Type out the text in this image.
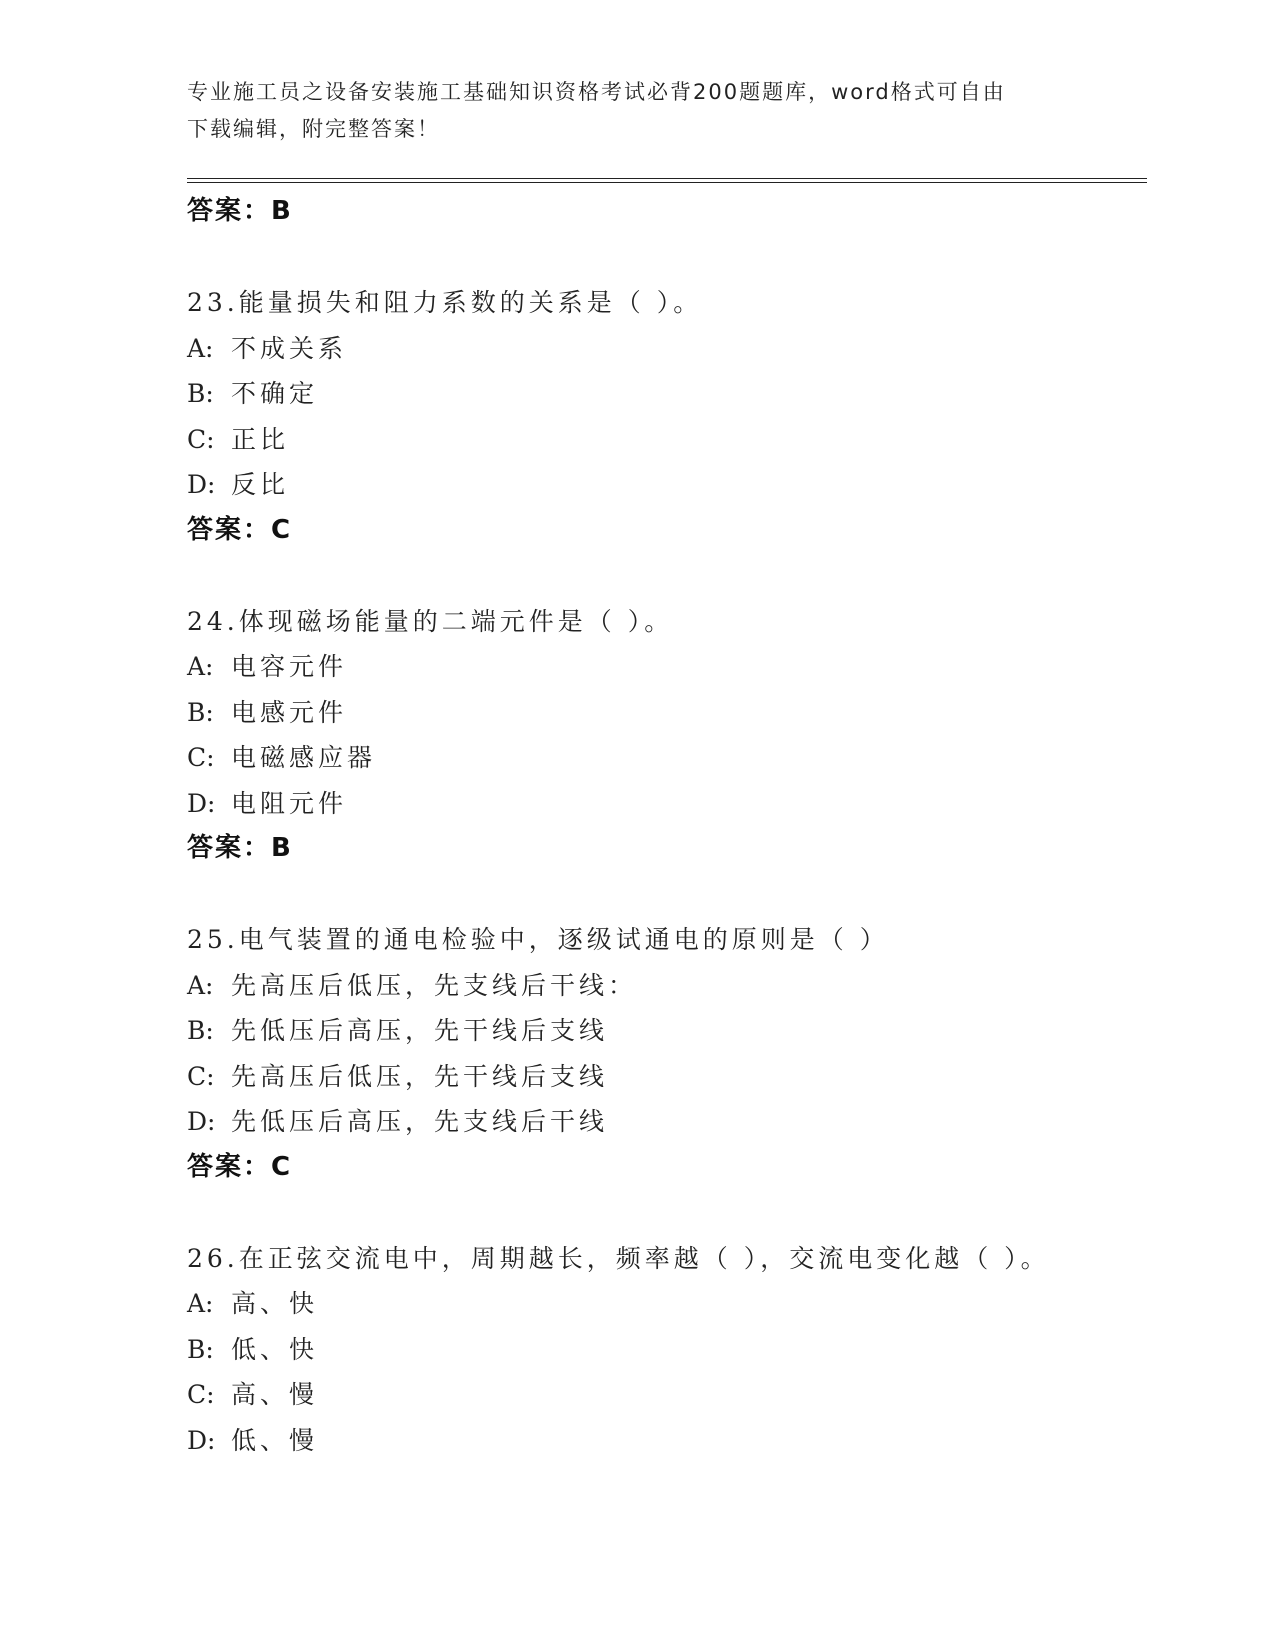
专业施工员之设备安装施工基础知识资格考试必背200题题库，word格式可自由
下载编辑，附完整答案！
答案：B
23.能量损失和阻力系数的关系是（ ）。
A: 不成关系
B: 不确定
C: 正比
D: 反比
答案：C
24.体现磁场能量的二端元件是（ ）。
A: 电容元件
B: 电感元件
C: 电磁感应器
D: 电阻元件
答案：B
25.电气装置的通电检验中，逐级试通电的原则是（ ）
A: 先高压后低压，先支线后干线：
B: 先低压后高压，先干线后支线
C: 先高压后低压，先干线后支线
D: 先低压后高压，先支线后干线
答案：C
26.在正弦交流电中，周期越长，频率越（ ），交流电变化越（ ）。
A: 高、快
B: 低、快
C: 高、慢
D: 低、慢
